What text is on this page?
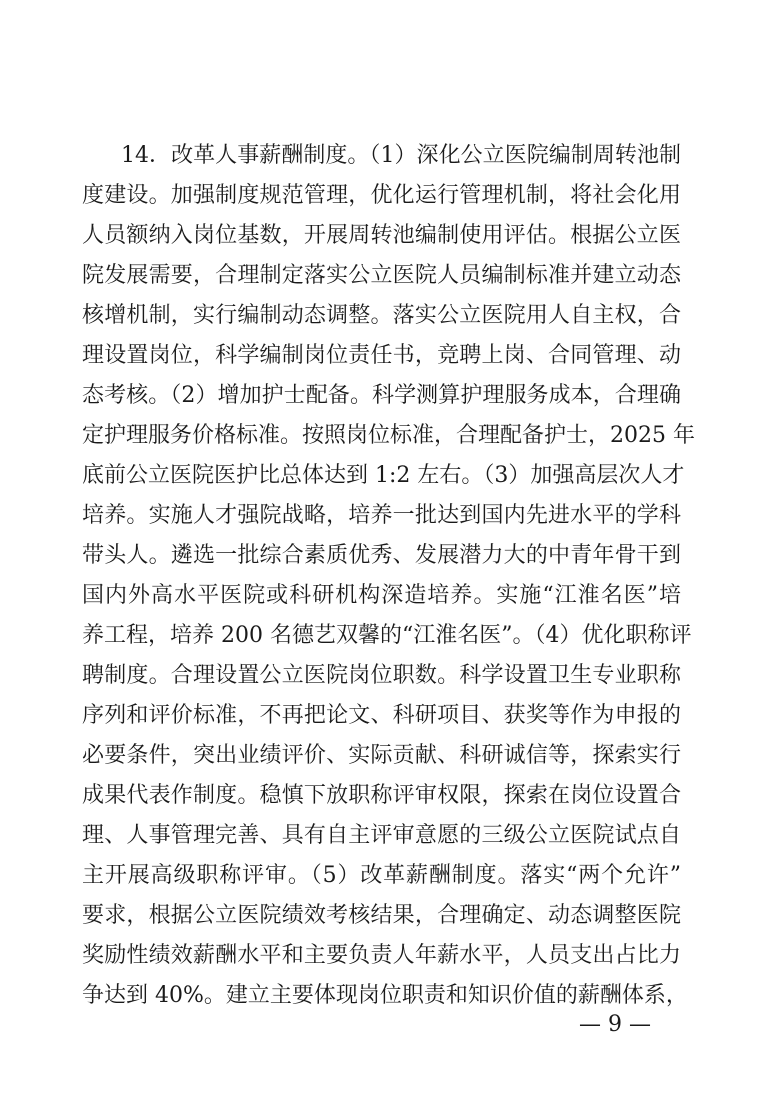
14．改革人事薪酬制度。（1）深化公立医院编制周转池制
度建设。加强制度规范管理，优化运行管理机制，将社会化用
人员额纳入岗位基数，开展周转池编制使用评估。根据公立医
院发展需要，合理制定落实公立医院人员编制标准并建立动态
核增机制，实行编制动态调整。落实公立医院用人自主权，合
理设置岗位，科学编制岗位责任书，竞聘上岗、合同管理、动
态考核。（2）增加护士配备。科学测算护理服务成本，合理确
定护理服务价格标准。按照岗位标准，合理配备护士，2025 年
底前公立医院医护比总体达到 1:2 左右。（3）加强高层次人才
培养。实施人才强院战略，培养一批达到国内先进水平的学科
带头人。遴选一批综合素质优秀、发展潜力大的中青年骨干到
国内外高水平医院或科研机构深造培养。实施“江淮名医”培
养工程，培养 200 名德艺双馨的“江淮名医”。（4）优化职称评
聘制度。合理设置公立医院岗位职数。科学设置卫生专业职称
序列和评价标准，不再把论文、科研项目、获奖等作为申报的
必要条件，突出业绩评价、实际贡献、科研诚信等，探索实行
成果代表作制度。稳慎下放职称评审权限，探索在岗位设置合
理、人事管理完善、具有自主评审意愿的三级公立医院试点自
主开展高级职称评审。（5）改革薪酬制度。落实“两个允许”
要求，根据公立医院绩效考核结果，合理确定、动态调整医院
奖励性绩效薪酬水平和主要负责人年薪水平，人员支出占比力
争达到 40%。建立主要体现岗位职责和知识价值的薪酬体系，
— 9 —
